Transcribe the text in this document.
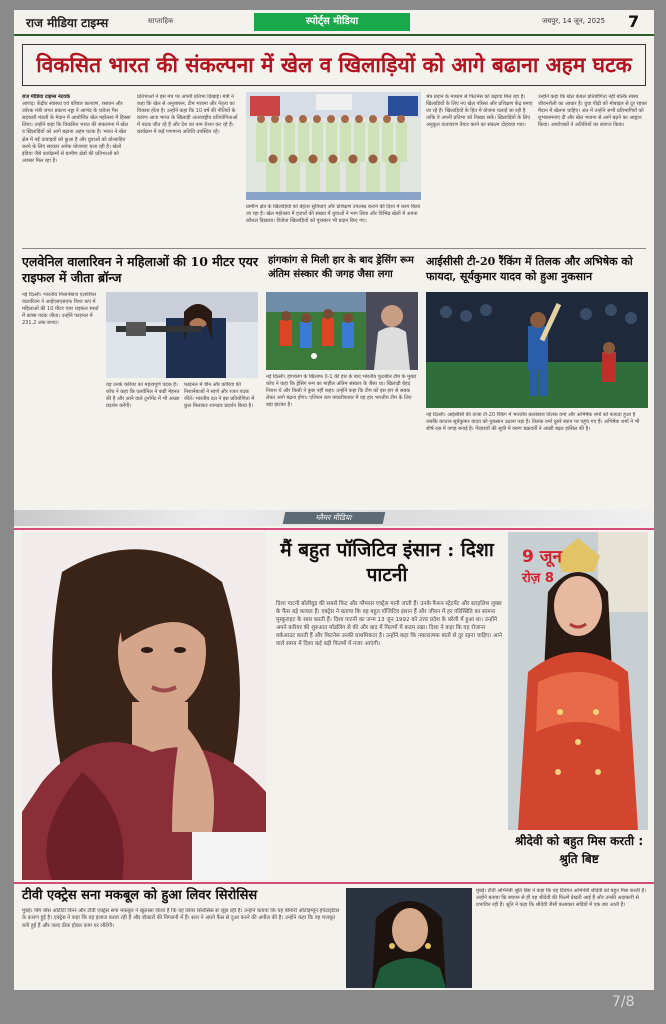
राज मीडिया टाइम्स	साप्ताहिक	स्पोर्ट्स मीडिया	जयपुर, 14 जून, 2025 7
विकसित भारत की संकल्पना में खेल व खिलाड़ियों को आगे बढाना अहम घटक
राज मीडिया टाइम्स नेटवर्क
आणंद। केंद्रीय स्वास्थ्य एवं परिवार कल्याण, रसायन और उर्वरक मंत्री जगत प्रकाश नड्डा ने आणंद के चरोतर गैस सहकारी मंडली के मेदान में आयोजित खेल महोत्सव में हिस्सा लिया। उन्होंने कहा कि विकसित भारत की संकल्पना में खेल व खिलाड़ियों को आगे बढ़ाना अहम घटक है। भारत ने खेल क्षेत्र में नई ऊंचाइयों को छुआ है और युवाओं को प्रोत्साहित करने के लिए सरकार अनेक योजनाएं चला रही है। खेलो इंडिया जैसे कार्यक्रमों से ग्रामीण क्षेत्रों की प्रतिभाओं को अवसर मिल रहा है।
प्रतिभाओं ने इस मंच पर अपनी प्रतिभा दिखाई। मंत्री ने कहा कि खेल से अनुशासन, टीम भावना और नेतृत्व का विकास होता है। उन्होंने कहा कि 10 वर्ष की नीतियों के कारण आज भारत के खिलाड़ी अंतरराष्ट्रीय प्रतियोगिताओं में पदक जीत रहे हैं और देश का नाम रोशन कर रहे हैं। कार्यक्रम में कई गणमान्य अतिथि उपस्थित रहे।
ग्रामीण क्षेत्र के खिलाड़ियों को बेहतर सुविधाएं और प्रशिक्षण उपलब्ध कराने की दिशा में काम किया जा रहा है। खेल महोत्सव में हजारों की संख्या में युवाओं ने भाग लिया और विभिन्न खेलों में अपना कौशल दिखाया। विजेता खिलाड़ियों को पुरस्कार भी प्रदान किए गए।
श्रेत्र प्रदान के माध्यम से फिटनेस को बढ़ावा मिल रहा है। खिलाड़ियों के लिए नए खेल परिसर और प्रशिक्षण केंद्र बनाए जा रहे हैं। खिलाड़ियों के हित में योजना चलाई जा रही है ताकि वे अपनी प्रतिभा को निखार सकें। खिलाड़ियों के लिए अनुकूल वातावरण तैयार करने का संकल्प दोहराया गया।
उन्होंने कहा कि खेल केवल प्रतियोगिता नहीं बल्कि स्वस्थ जीवनशैली का आधार है। युवा पीढ़ी को मोबाइल से दूर रहकर मैदान में खेलना चाहिए। अंत में उन्होंने सभी प्रतिभागियों को शुभकामनाएं दीं और खेल भावना से आगे बढ़ने का आह्वान किया। आयोजकों ने अतिथियों का स्वागत किया।
एलवेनिल वालारिवन ने महिलाओं की 10 मीटर एयर राइफल में जीता ब्रॉन्ज
हांगकांग से मिली हार के बाद ड्रेसिंग रूम अंतिम संस्कार की जगह जैसा लगा
आईसीसी टी-20 रैंकिंग में तिलक और अभिषेक को फायदा, सूर्यकुमार यादव को हुआ नुकसान
नई दिल्ली। भारतीय निशानेबाज एलवेनिल वालारिवन ने आईएसएसएफ विश्व कप में महिलाओं की 10 मीटर एयर राइफल स्पर्धा में कांस्य पदक जीता। उन्होंने फाइनल में 231.2 अंक बनाए।
यह उनके करियर का महत्वपूर्ण पदक है। कोच ने कहा कि एलवेनिल ने कड़ी मेहनत की है और आने वाले टूर्नामेंट में भी अच्छा प्रदर्शन करेंगी।
फाइनल में चीन और कोरिया की निशानेबाजों ने स्वर्ण और रजत पदक जीते। भारतीय दल ने इस प्रतियोगिता में कुल मिलाकर शानदार प्रदर्शन किया है।
नई दिल्ली। हांगकांग के खिलाफ 0-1 की हार के बाद भारतीय फुटबॉल टीम के मुख्य कोच ने कहा कि ड्रेसिंग रूम का माहौल अंतिम संस्कार के जैसा था। खिलाड़ी बेहद निराश थे और किसी ने कुछ नहीं कहा। उन्होंने कहा कि टीम को इस हार से सबक लेकर आगे बढ़ना होगा। एशियन कप क्वालीफायर में यह हार भारतीय टीम के लिए बड़ा झटका है।
नई दिल्ली। आईसीसी की ताजा टी-20 रैंकिंग में भारतीय बल्लेबाज तिलक वर्मा और अभिषेक शर्मा को फायदा हुआ है जबकि कप्तान सूर्यकुमार यादव को नुकसान उठाना पड़ा है। तिलक वर्मा दूसरे स्थान पर पहुंच गए हैं। अभिषेक शर्मा ने भी शीर्ष दस में जगह बनाई है। गेंदबाजों की सूची में वरुण चक्रवर्ती ने अच्छी बढ़त हासिल की है।
ग्लैमर मीडिया
मैं बहुत पॉजिटिव इंसान : दिशा पाटनी
दिशा पाटनी बॉलीवुड की सबसे फिट और ग्लैमरस एक्ट्रेस मानी जाती हैं। उनके फैशन स्टेटमेंट और स्टाइलिश लुक्स के फैंस बड़े कायल हैं। एक्ट्रेस ने बताया कि वह बहुत पॉजिटिव इंसान हैं और जीवन में हर परिस्थिति का सामना मुस्कुराहट के साथ करती हैं। दिशा पाटनी का जन्म 13 जून 1992 को उत्तर प्रदेश के बरेली में हुआ था। उन्होंने अपने करियर की शुरुआत मॉडलिंग से की और बाद में फिल्मों में कदम रखा। दिशा ने कहा कि वह रोजाना वर्कआउट करती हैं और फिटनेस उनकी प्राथमिकता है। उन्होंने कहा कि नकारात्मक बातों से दूर रहना चाहिए। आने वाले समय में दिशा कई बड़ी फिल्मों में नजर आएंगी।
9 जून
रोज़ 8
श्रीदेवी को बहुत मिस करती : श्रुति बिष्ट
टीवी एक्ट्रेस सना मकबूल को हुआ लिवर सिरोसिस
मुंबई। बिग बॉस ओटीटी विनर और टीवी एक्ट्रेस सना मकबूल ने खुलासा किया है कि वह लिवर सिरोसिस से जूझ रही हैं। उन्होंने बताया कि यह बीमारी ऑटोइम्यून हेपेटाइटिस के कारण हुई है। एक्ट्रेस ने कहा कि वह इलाज करवा रही हैं और डॉक्टरों की निगरानी में हैं। सना ने अपने फैंस से दुआ करने की अपील की है। उन्होंने कहा कि वह मजबूत बनी हुई हैं और जल्द ठीक होकर काम पर लौटेंगी।
मुंबई। टीवी अभिनेत्री श्रुति बिष्ट ने कहा कि वह दिवंगत अभिनेत्री श्रीदेवी को बहुत मिस करती हैं। उन्होंने बताया कि बचपन से ही वह श्रीदेवी की फिल्में देखती आई हैं और उनकी अदाकारी से प्रभावित रही हैं। श्रुति ने कहा कि श्रीदेवी जैसी कलाकार सदियों में एक बार आती हैं।
7/8
